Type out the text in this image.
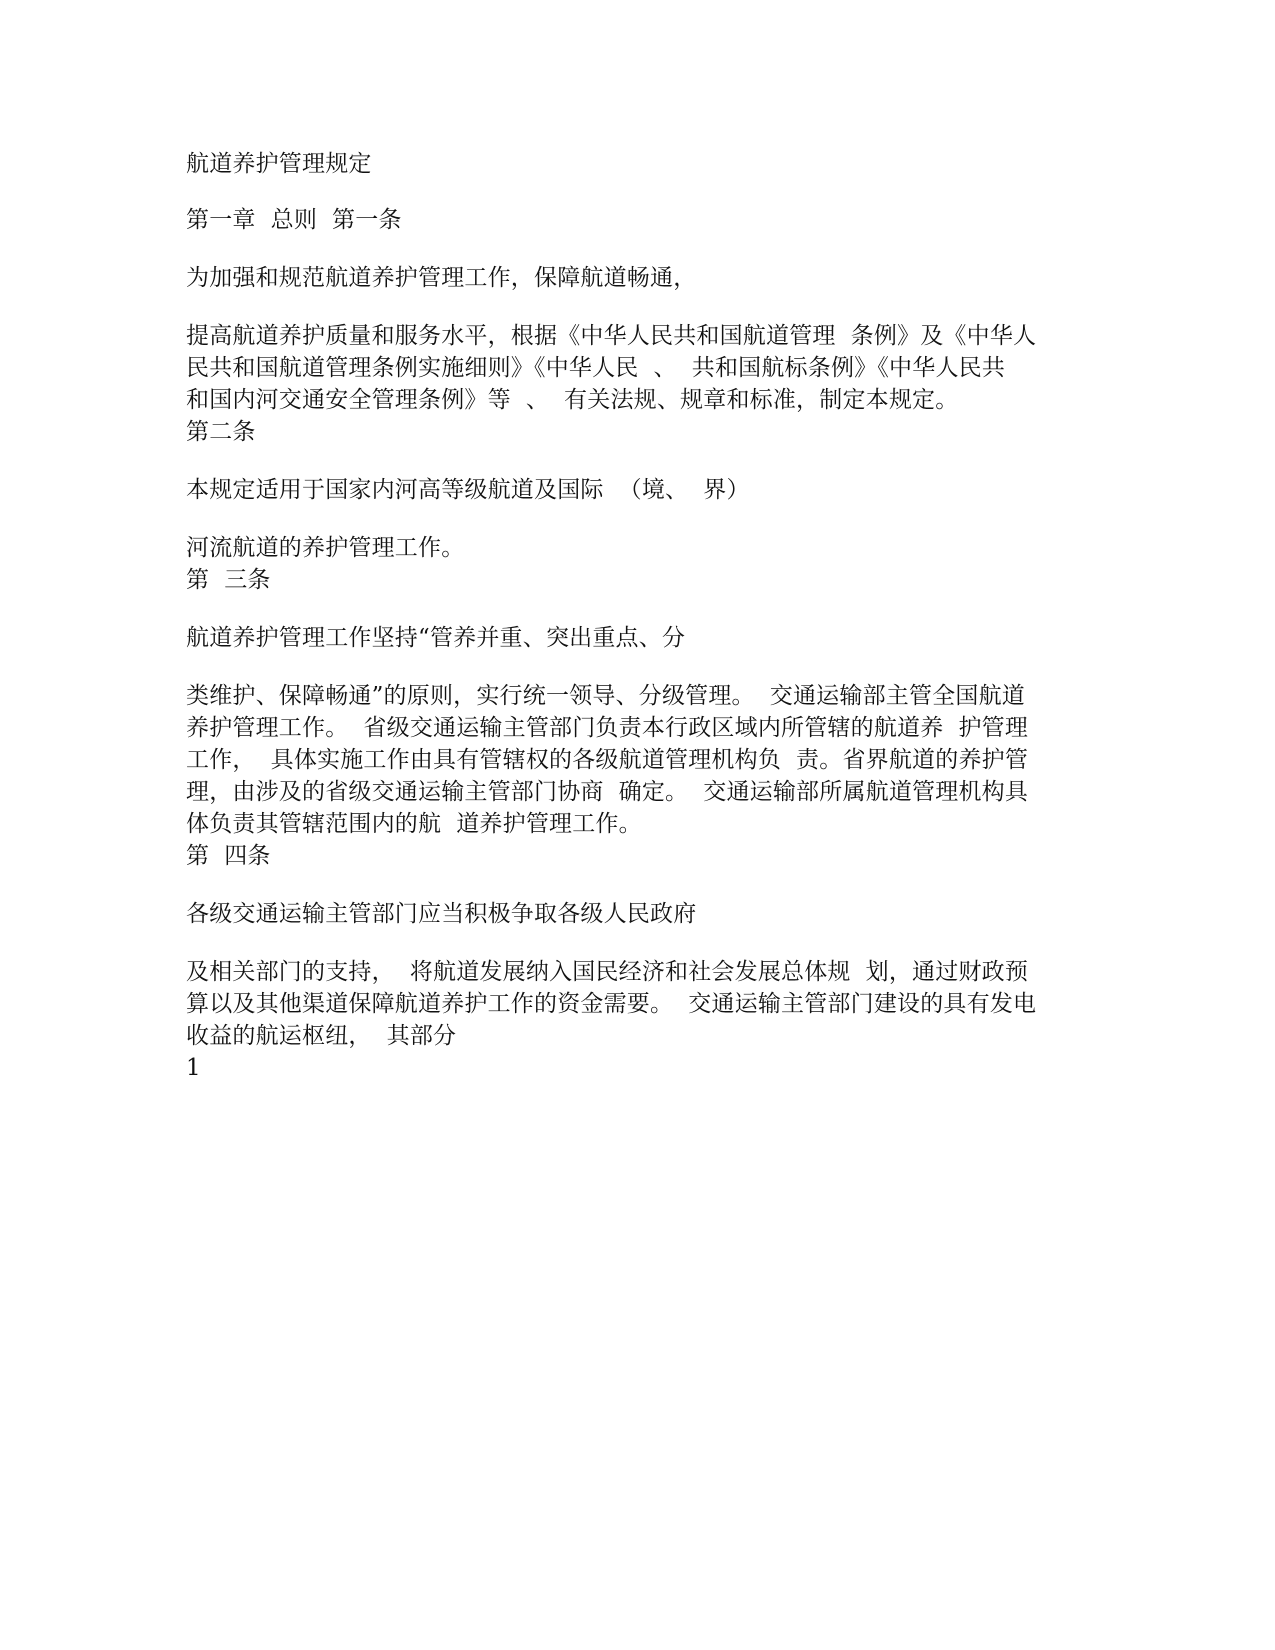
航道养护管理规定
第一章  总则  第一条
为加强和规范航道养护管理工作，保障航道畅通，
提高航道养护质量和服务水平，根据《中华人民共和国航道管理  条例》及《中华人
民共和国航道管理条例实施细则》《中华人民  、  共和国航标条例》《中华人民共
和国内河交通安全管理条例》等  、  有关法规、规章和标准，制定本规定。
第二条
本规定适用于国家内河高等级航道及国际  （境、  界）
河流航道的养护管理工作。
第  三条
航道养护管理工作坚持“管养并重、突出重点、分
类维护、保障畅通”的原则，实行统一领导、分级管理。  交通运输部主管全国航道
养护管理工作。  省级交通运输主管部门负责本行政区域内所管辖的航道养  护管理
工作，  具体实施工作由具有管辖权的各级航道管理机构负  责。省界航道的养护管
理，由涉及的省级交通运输主管部门协商  确定。  交通运输部所属航道管理机构具
体负责其管辖范围内的航  道养护管理工作。
第  四条
各级交通运输主管部门应当积极争取各级人民政府
及相关部门的支持，  将航道发展纳入国民经济和社会发展总体规  划，通过财政预
算以及其他渠道保障航道养护工作的资金需要。  交通运输主管部门建设的具有发电
收益的航运枢纽，  其部分
1
